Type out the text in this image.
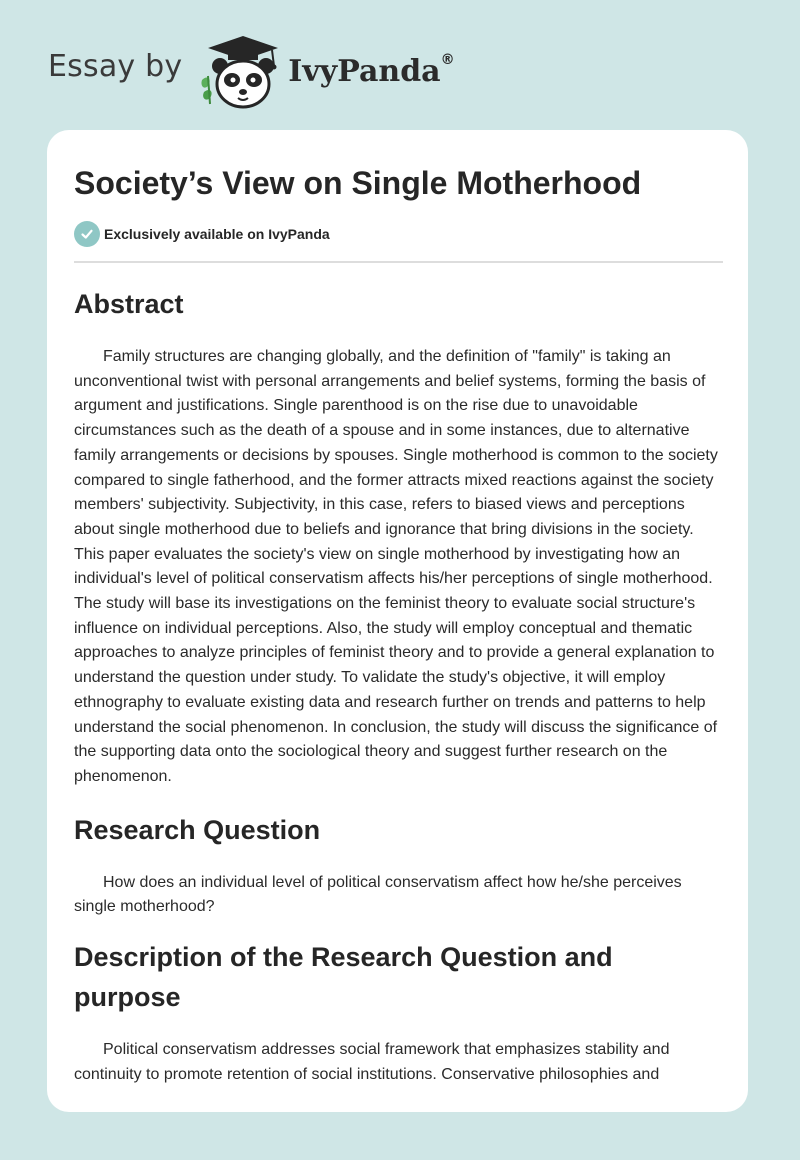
Essay by	IvyPanda®
Society’s View on Single Motherhood
Exclusively available on IvyPanda
Abstract

Family structures are changing globally, and the definition of "family" is taking an unconventional twist with personal arrangements and belief systems, forming the basis of argument and justifications. Single parenthood is on the rise due to unavoidable circumstances such as the death of a spouse and in some instances, due to alternative family arrangements or decisions by spouses. Single motherhood is common to the society compared to single fatherhood, and the former attracts mixed reactions against the society members' subjectivity. Subjectivity, in this case, refers to biased views and perceptions about single motherhood due to beliefs and ignorance that bring divisions in the society. This paper evaluates the society's view on single motherhood by investigating how an individual's level of political conservatism affects his/her perceptions of single motherhood. The study will base its investigations on the feminist theory to evaluate social structure's influence on individual perceptions. Also, the study will employ conceptual and thematic approaches to analyze principles of feminist theory and to provide a general explanation to understand the question under study. To validate the study's objective, it will employ ethnography to evaluate existing data and research further on trends and patterns to help understand the social phenomenon. In conclusion, the study will discuss the significance of the supporting data onto the sociological theory and suggest further research on the phenomenon.

Research Question

How does an individual level of political conservatism affect how he/she perceives single motherhood?

Description of the Research Question and purpose

Political conservatism addresses social framework that emphasizes stability and continuity to promote retention of social institutions. Conservative philosophies and
